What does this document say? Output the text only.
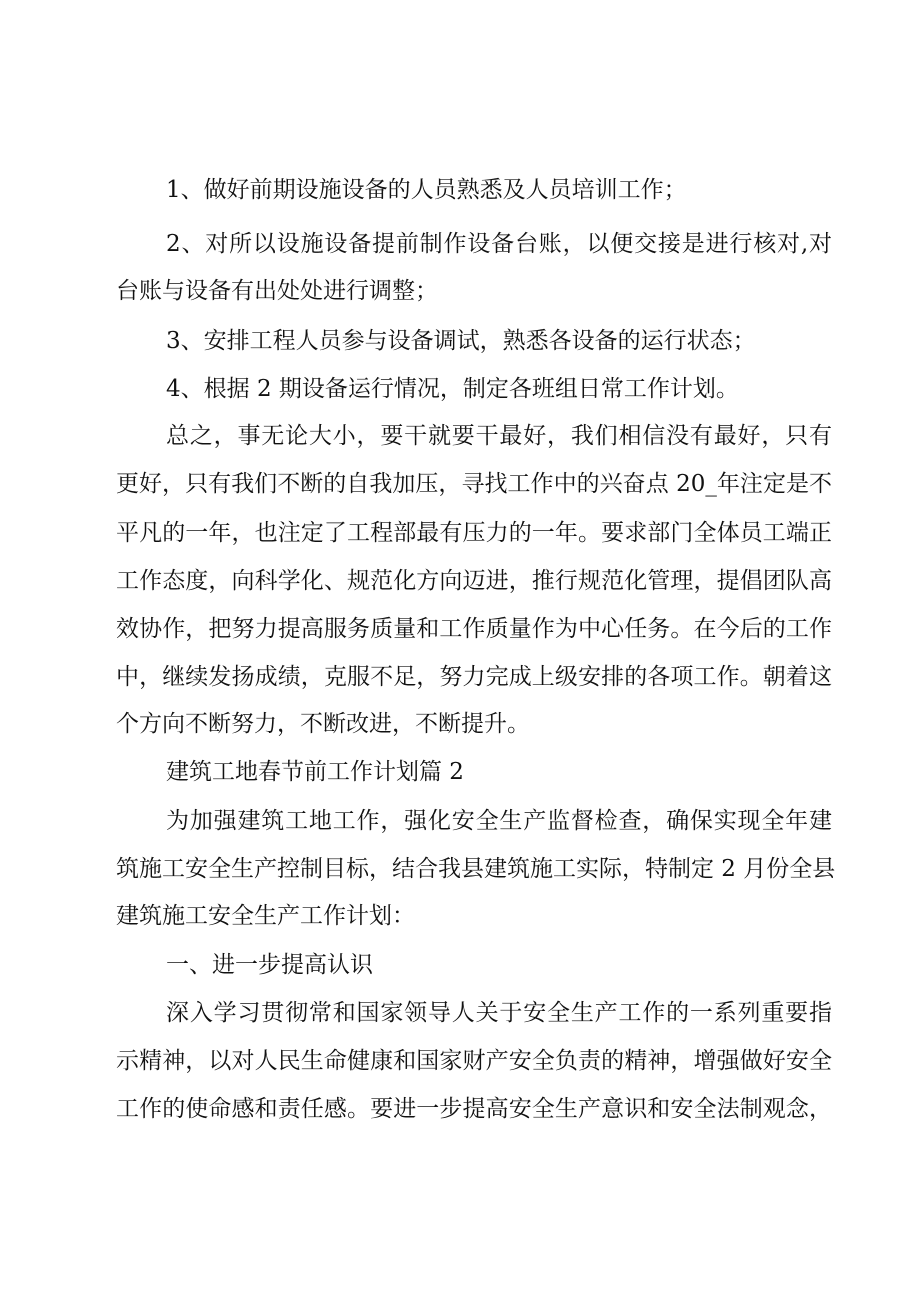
1、做好前期设施设备的人员熟悉及人员培训工作；
2、对所以设施设备提前制作设备台账，以便交接是进行核对,对
台账与设备有出处处进行调整；
3、安排工程人员参与设备调试，熟悉各设备的运行状态；
4、根据 2 期设备运行情况，制定各班组日常工作计划。
总之，事无论大小，要干就要干最好，我们相信没有最好，只有
更好，只有我们不断的自我加压，寻找工作中的兴奋点 20_年注定是不
平凡的一年，也注定了工程部最有压力的一年。要求部门全体员工端正
工作态度，向科学化、规范化方向迈进，推行规范化管理，提倡团队高
效协作，把努力提高服务质量和工作质量作为中心任务。在今后的工作
中，继续发扬成绩，克服不足，努力完成上级安排的各项工作。朝着这
个方向不断努力，不断改进，不断提升。
建筑工地春节前工作计划篇 2
为加强建筑工地工作，强化安全生产监督检查，确保实现全年建
筑施工安全生产控制目标，结合我县建筑施工实际，特制定 2 月份全县
建筑施工安全生产工作计划：
一、进一步提高认识
深入学习贯彻常和国家领导人关于安全生产工作的一系列重要指
示精神，以对人民生命健康和国家财产安全负责的精神，增强做好安全
工作的使命感和责任感。要进一步提高安全生产意识和安全法制观念，
